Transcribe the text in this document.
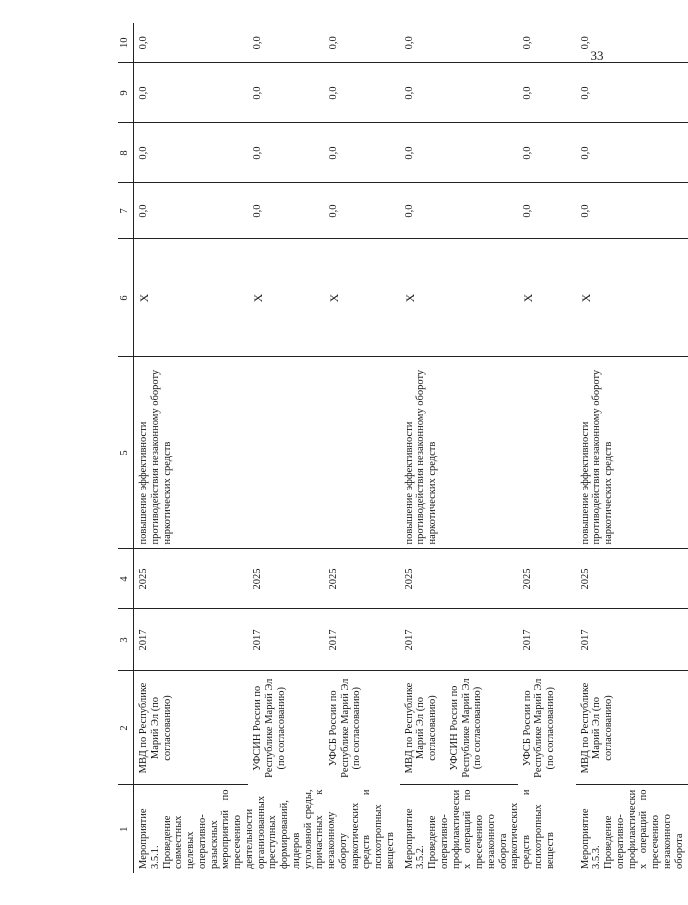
33
1	2	3	4	5	6	7	8	9	10
Мероприятие 3.5.1. Проведение совместных целевых оперативно-разыскных мероприятий по пресечению деятельности организованных преступных формирований, лидеров уголовной среды, причастных к незаконному обороту наркотических средств и психотропных веществ	МВД по Республике Марий Эл (по согласованию)	2017	2025	повышение эффективности противодействия незаконному обороту наркотических средств	X	0,0	0,0	0,0	0,0
	УФСИН России по Республике Марий Эл (по согласованию)	2017	2025		X	0,0	0,0	0,0	0,0
	УФСБ России по Республике Марий Эл (по согласованию)	2017	2025		X	0,0	0,0	0,0	0,0
Мероприятие 3.5.2. Проведение оперативно-профилактических операций по пресечению незаконного оборота наркотических средств и психотропных веществ	МВД по Республике Марий Эл (по согласованию) УФСИН России по Республике Марий Эл (по согласованию)	2017	2025	повышение эффективности противодействия незаконному обороту наркотических средств	X	0,0	0,0	0,0	0,0
	УФСБ России по Республике Марий Эл (по согласованию)	2017	2025		X	0,0	0,0	0,0	0,0
Мероприятие 3.5.3. Проведение оперативно-профилактических операций по пресечению незаконного оборота	МВД по Республике Марий Эл (по согласованию)	2017	2025	повышение эффективности противодействия незаконному обороту наркотических средств	X	0,0	0,0	0,0	0,0
